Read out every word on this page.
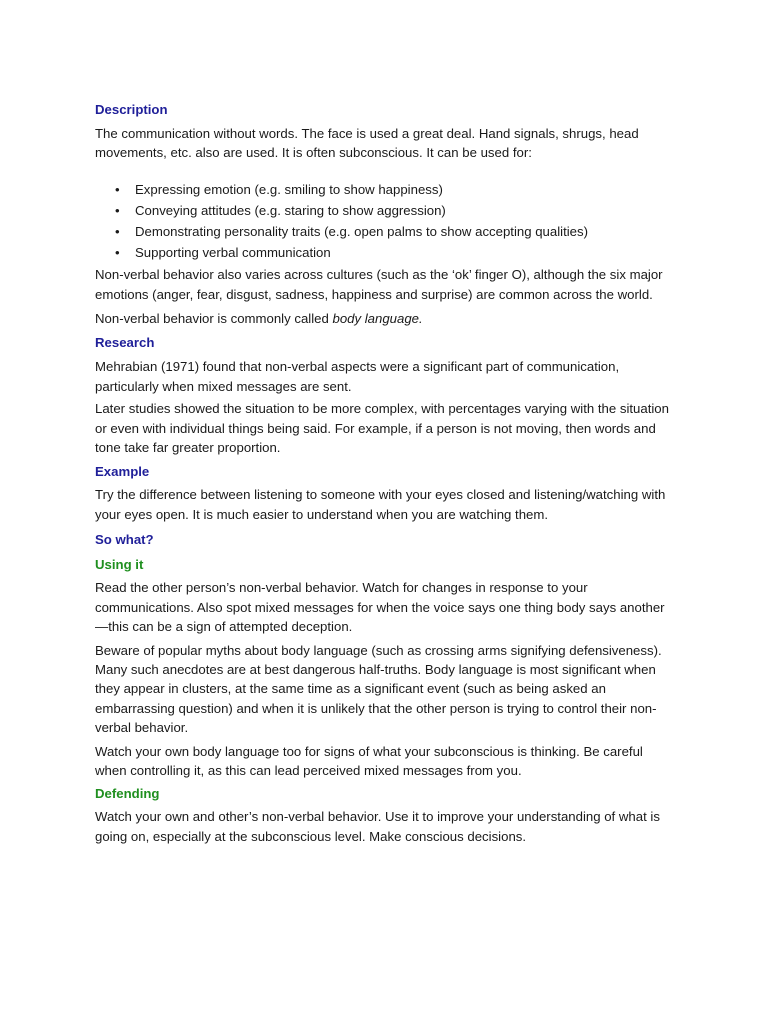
Description

The communication without words. The face is used a great deal. Hand signals, shrugs, head movements, etc. also are used. It is often subconscious. It can be used for:

• Expressing emotion (e.g. smiling to show happiness)
• Conveying attitudes (e.g. staring to show aggression)
• Demonstrating personality traits (e.g. open palms to show accepting qualities)
• Supporting verbal communication

Non-verbal behavior also varies across cultures (such as the ‘ok’ finger O), although the six major emotions (anger, fear, disgust, sadness, happiness and surprise) are common across the world.

Non-verbal behavior is commonly called body language.

Research

Mehrabian (1971) found that non-verbal aspects were a significant part of communication, particularly when mixed messages are sent.

Later studies showed the situation to be more complex, with percentages varying with the situation or even with individual things being said. For example, if a person is not moving, then words and tone take far greater proportion.

Example

Try the difference between listening to someone with your eyes closed and listening/watching with your eyes open. It is much easier to understand when you are watching them.

So what?
Using it

Read the other person’s non-verbal behavior. Watch for changes in response to your communications. Also spot mixed messages for when the voice says one thing body says another—this can be a sign of attempted deception.

Beware of popular myths about body language (such as crossing arms signifying defensiveness). Many such anecdotes are at best dangerous half-truths. Body language is most significant when they appear in clusters, at the same time as a significant event (such as being asked an embarrassing question) and when it is unlikely that the other person is trying to control their non-verbal behavior.

Watch your own body language too for signs of what your subconscious is thinking. Be careful when controlling it, as this can lead perceived mixed messages from you.

Defending

Watch your own and other’s non-verbal behavior. Use it to improve your understanding of what is going on, especially at the subconscious level. Make conscious decisions.
